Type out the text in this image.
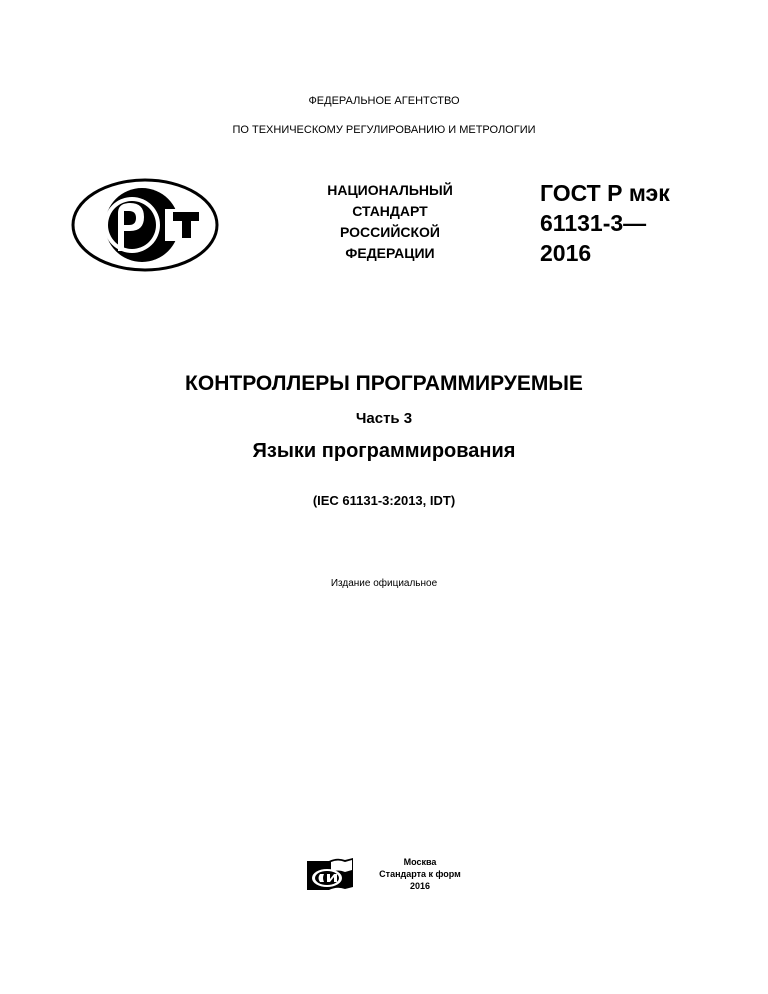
ФЕДЕРАЛЬНОЕ АГЕНТСТВО
ПО ТЕХНИЧЕСКОМУ РЕГУЛИРОВАНИЮ И МЕТРОЛОГИИ
НАЦИОНАЛЬНЫЙ
СТАНДАРТ
РОССИЙСКОЙ
ФЕДЕРАЦИИ
ГОСТ Р мэк
61131-3—
2016
КОНТРОЛЛЕРЫ ПРОГРАММИРУЕМЫЕ
Часть 3
Языки программирования
(IEC 61131-3:2013, IDT)
Издание официальное
Москва
Стандарта к форм
2016
